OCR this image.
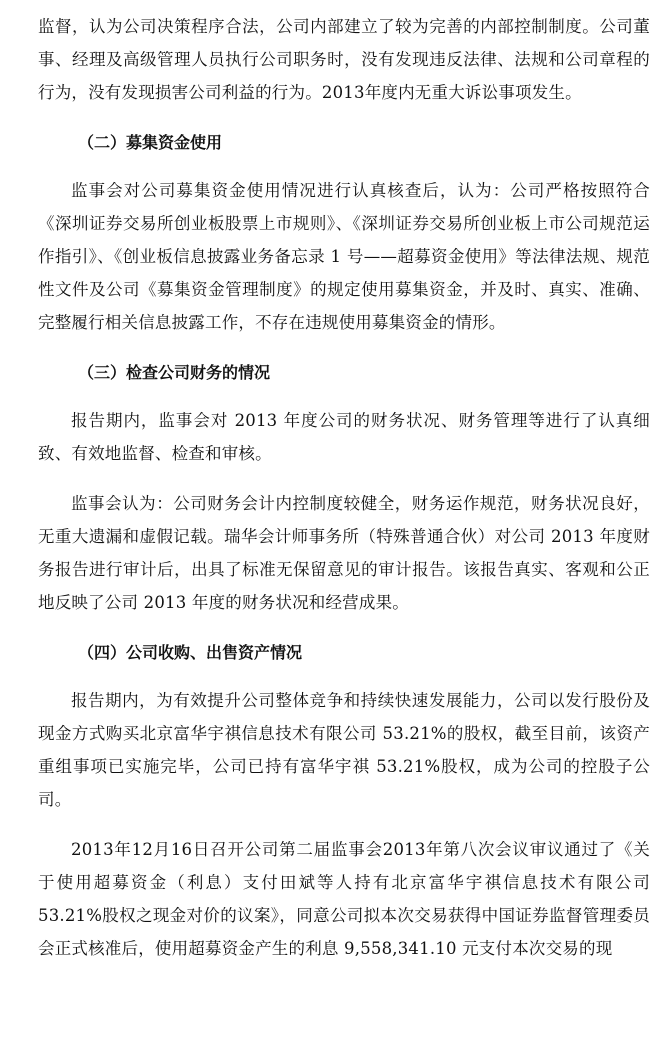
监督，认为公司决策程序合法，公司内部建立了较为完善的内部控制制度。公司董事、经理及高级管理人员执行公司职务时，没有发现违反法律、法规和公司章程的行为，没有发现损害公司利益的行为。2013年度内无重大诉讼事项发生。

（二）募集资金使用

监事会对公司募集资金使用情况进行认真核查后，认为：公司严格按照符合《深圳证券交易所创业板股票上市规则》、《深圳证券交易所创业板上市公司规范运作指引》、《创业板信息披露业务备忘录 1 号——超募资金使用》等法律法规、规范性文件及公司《募集资金管理制度》的规定使用募集资金，并及时、真实、准确、完整履行相关信息披露工作，不存在违规使用募集资金的情形。

（三）检查公司财务的情况

报告期内，监事会对 2013 年度公司的财务状况、财务管理等进行了认真细致、有效地监督、检查和审核。

监事会认为：公司财务会计内控制度较健全，财务运作规范，财务状况良好，无重大遗漏和虚假记载。瑞华会计师事务所（特殊普通合伙）对公司 2013 年度财务报告进行审计后，出具了标准无保留意见的审计报告。该报告真实、客观和公正地反映了公司 2013 年度的财务状况和经营成果。

（四）公司收购、出售资产情况

报告期内，为有效提升公司整体竞争和持续快速发展能力，公司以发行股份及现金方式购买北京富华宇祺信息技术有限公司 53.21%的股权，截至目前，该资产重组事项已实施完毕，公司已持有富华宇祺 53.21%股权，成为公司的控股子公司。

2013年12月16日召开公司第二届监事会2013年第八次会议审议通过了《关于使用超募资金（利息）支付田斌等人持有北京富华宇祺信息技术有限公司53.21%股权之现金对价的议案》，同意公司拟本次交易获得中国证券监督管理委员会正式核准后，使用超募资金产生的利息 9,558,341.10 元支付本次交易的现
